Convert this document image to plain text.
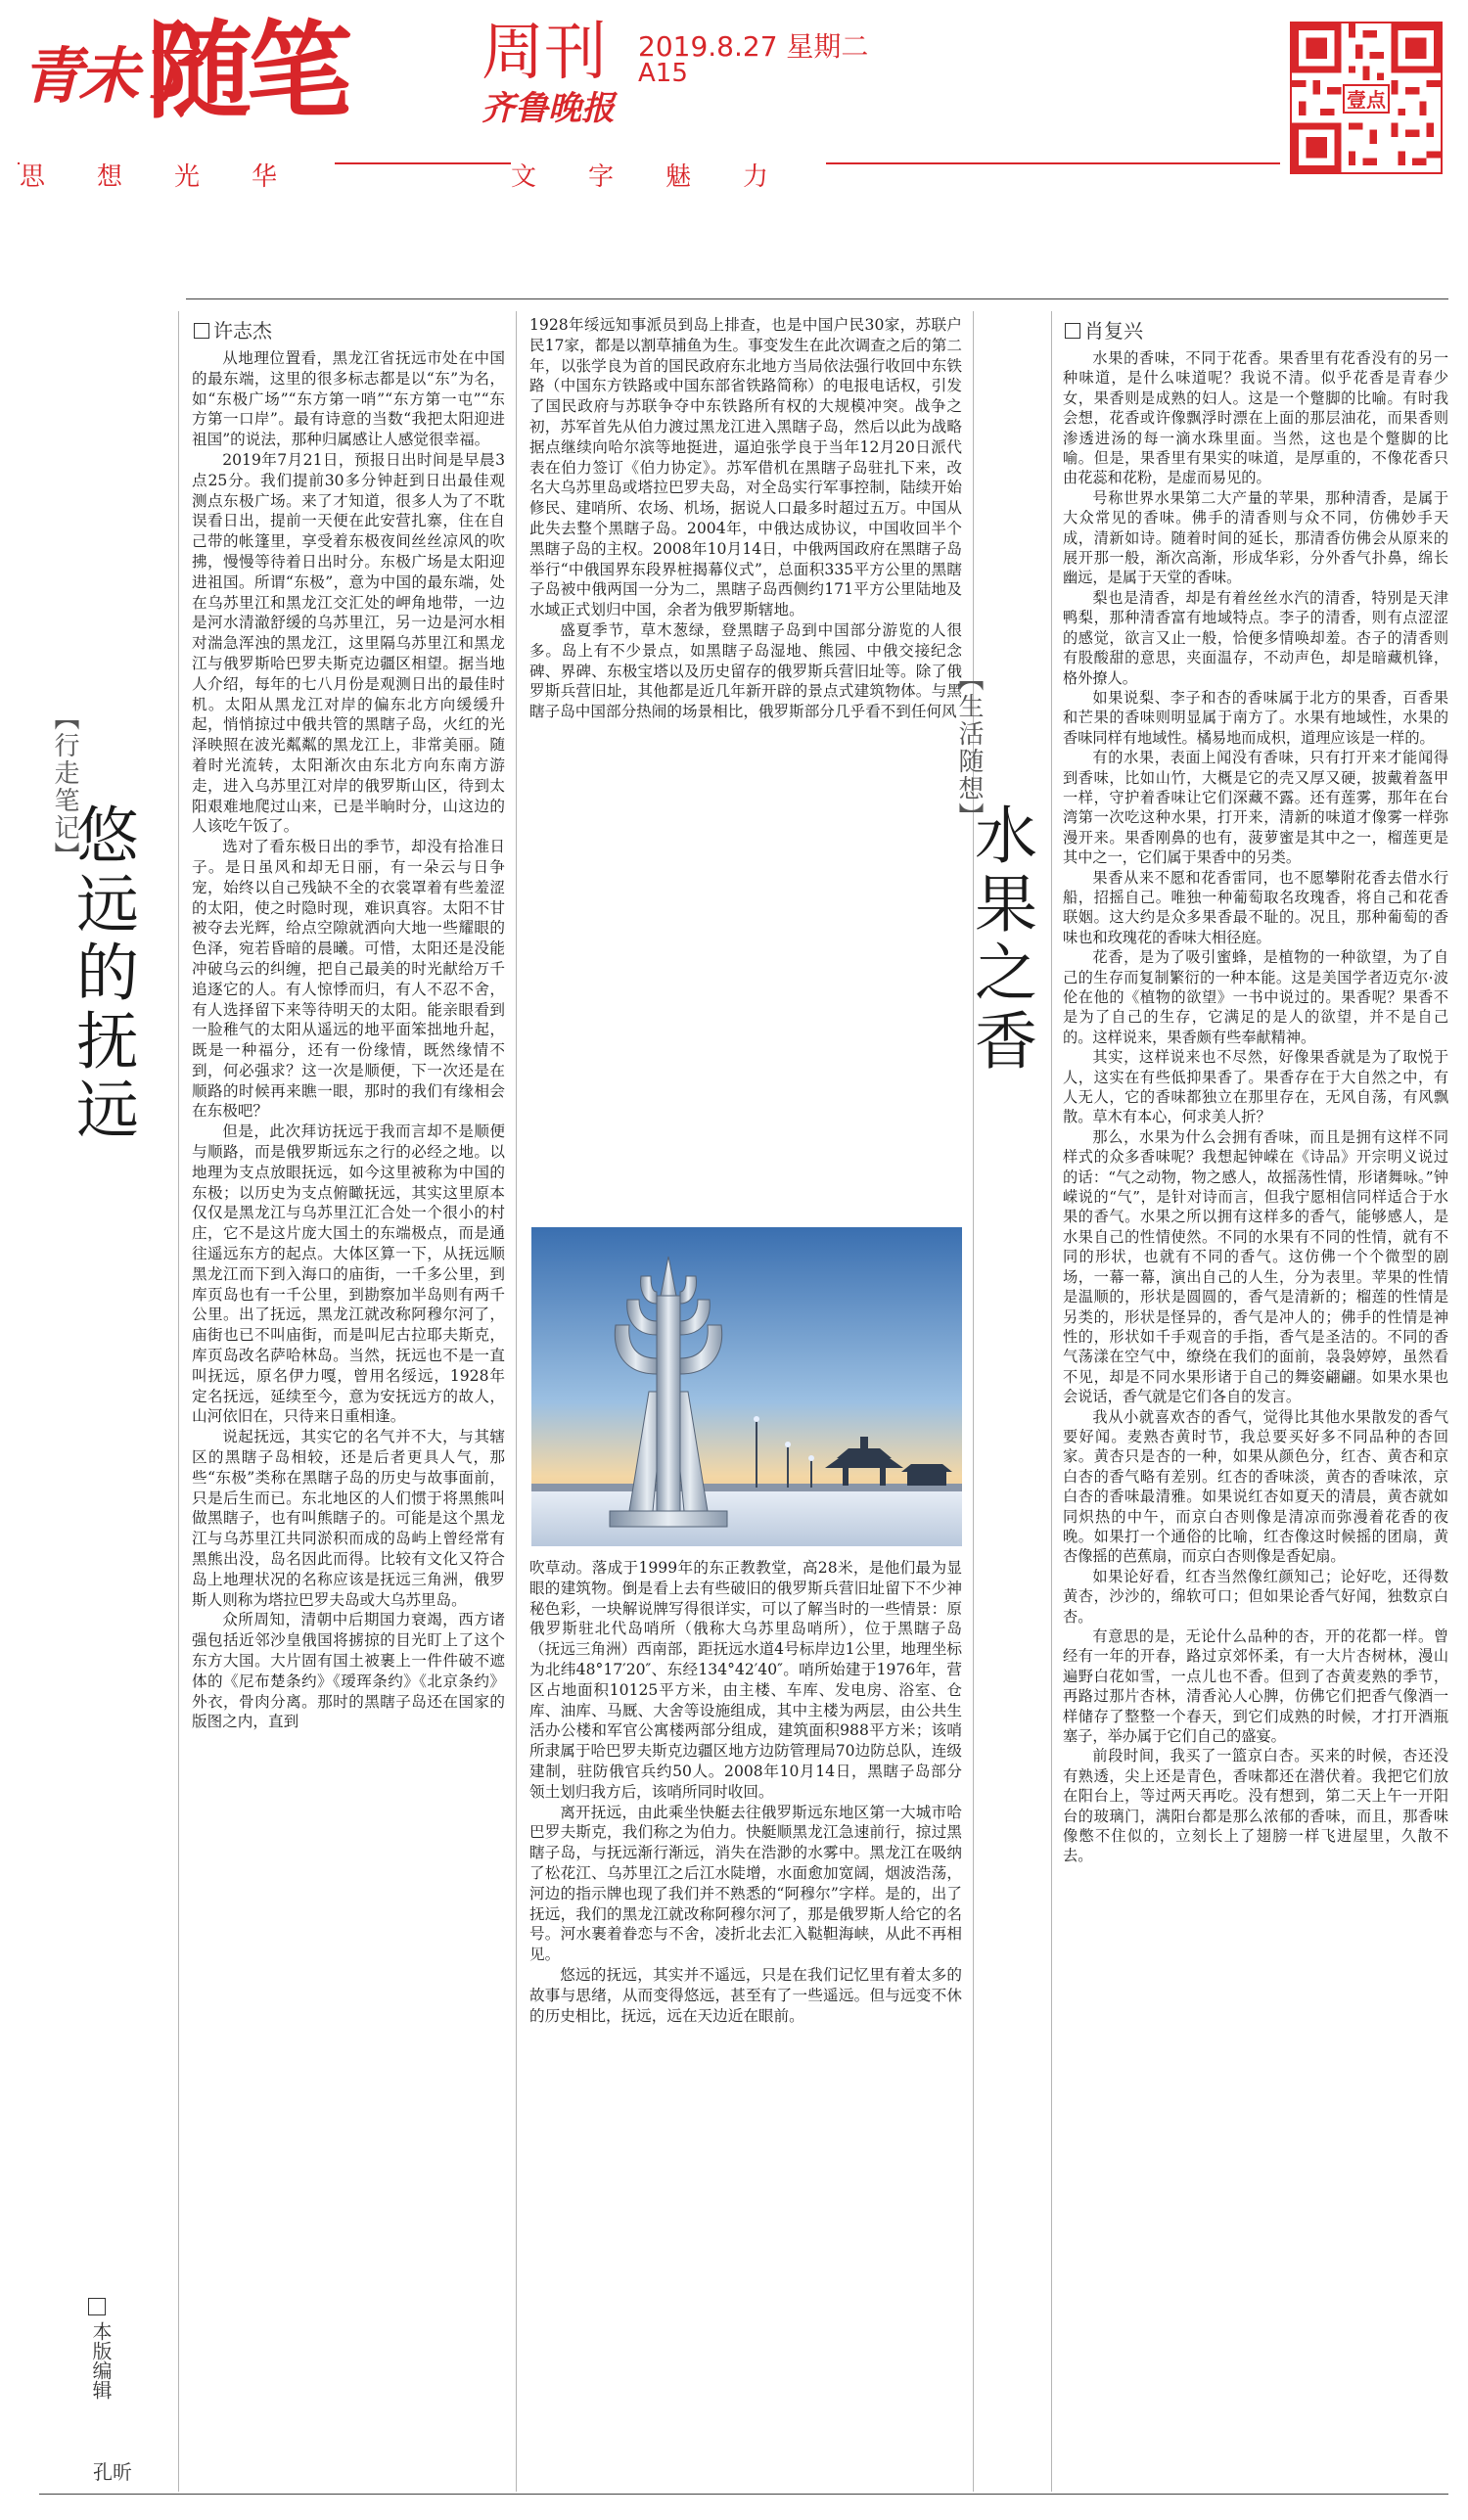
青未了
随笔 周刊
齐鲁晚报
2019.8.27 星期二
A15
壹点
思想光华	文字魅力
【行走笔记】
悠远的抚远
本版编辑
孔昕
许志杰

从地理位置看，黑龙江省抚远市处在中国的最东端，这里的很多标志都是以“东”为名，如“东极广场”“东方第一哨”“东方第一屯”“东方第一口岸”。最有诗意的当数“我把太阳迎进祖国”的说法，那种归属感让人感觉很幸福。

2019年7月21日，预报日出时间是早晨3点25分。我们提前30多分钟赶到日出最佳观测点东极广场。来了才知道，很多人为了不耽误看日出，提前一天便在此安营扎寨，住在自己带的帐篷里，享受着东极夜间丝丝凉风的吹拂，慢慢等待着日出时分。东极广场是太阳迎进祖国。所谓“东极”，意为中国的最东端，处在乌苏里江和黑龙江交汇处的岬角地带，一边是河水清澈舒缓的乌苏里江，另一边是河水相对湍急浑浊的黑龙江，这里隔乌苏里江和黑龙江与俄罗斯哈巴罗夫斯克边疆区相望。据当地人介绍，每年的七八月份是观测日出的最佳时机。太阳从黑龙江对岸的偏东北方向缓缓升起，悄悄掠过中俄共管的黑瞎子岛，火红的光泽映照在波光粼粼的黑龙江上，非常美丽。随着时光流转，太阳渐次由东北方向东南方游走，进入乌苏里江对岸的俄罗斯山区，待到太阳艰难地爬过山来，已是半晌时分，山这边的人该吃午饭了。

选对了看东极日出的季节，却没有拾准日子。是日虽风和却无日丽，有一朵云与日争宠，始终以自己残缺不全的衣裳罩着有些羞涩的太阳，使之时隐时现，难识真容。太阳不甘被夺去光辉，给点空隙就洒向大地一些耀眼的色泽，宛若昏暗的晨曦。可惜，太阳还是没能冲破乌云的纠缠，把自己最美的时光献给万千追逐它的人。有人惊悸而归，有人不忍不舍，有人选择留下来等待明天的太阳。能亲眼看到一脸稚气的太阳从遥远的地平面笨拙地升起，既是一种福分，还有一份缘情，既然缘情不到，何必强求？这一次是顺便，下一次还是在顺路的时候再来瞧一眼，那时的我们有缘相会在东极吧？

但是，此次拜访抚远于我而言却不是顺便与顺路，而是俄罗斯远东之行的必经之地。以地理为支点放眼抚远，如今这里被称为中国的东极；以历史为支点俯瞰抚远，其实这里原本仅仅是黑龙江与乌苏里江汇合处一个很小的村庄，它不是这片庞大国土的东端极点，而是通往遥远东方的起点。大体区算一下，从抚远顺黑龙江而下到入海口的庙街，一千多公里，到库页岛也有一千公里，到勘察加半岛则有两千公里。出了抚远，黑龙江就改称阿穆尔河了，庙街也已不叫庙街，而是叫尼古拉耶夫斯克，库页岛改名萨哈林岛。当然，抚远也不是一直叫抚远，原名伊力嘎，曾用名绥远，1928年定名抚远，延续至今，意为安抚远方的故人，山河依旧在，只待来日重相逢。

说起抚远，其实它的名气并不大，与其辖区的黑瞎子岛相较，还是后者更具人气，那些“东极”类称在黑瞎子岛的历史与故事面前，只是后生而已。东北地区的人们惯于将黑熊叫做黑瞎子，也有叫熊瞎子的。可能是这个黑龙江与乌苏里江共同淤积而成的岛屿上曾经常有黑熊出没，岛名因此而得。比较有文化又符合岛上地理状况的名称应该是抚远三角洲，俄罗斯人则称为塔拉巴罗夫岛或大乌苏里岛。

众所周知，清朝中后期国力衰竭，西方诸强包括近邻沙皇俄国将掳掠的目光盯上了这个东方大国。大片固有国土被裹上一件件破不遮体的《尼布楚条约》《瑷珲条约》《北京条约》外衣，骨肉分离。那时的黑瞎子岛还在国家的版图之内，直到

1928年绥远知事派员到岛上排查，也是中国户民30家，苏联户民17家，都是以割草捕鱼为生。事变发生在此次调查之后的第二年，以张学良为首的国民政府东北地方当局依法强行收回中东铁路（中国东方铁路或中国东部省铁路简称）的电报电话权，引发了国民政府与苏联争夺中东铁路所有权的大规模冲突。战争之初，苏军首先从伯力渡过黑龙江进入黑瞎子岛，然后以此为战略据点继续向哈尔滨等地挺进，逼迫张学良于当年12月20日派代表在伯力签订《伯力协定》。苏军借机在黑瞎子岛驻扎下来，改名大乌苏里岛或塔拉巴罗夫岛，对全岛实行军事控制，陆续开始修民、建哨所、农场、机场，据说人口最多时超过五万。中国从此失去整个黑瞎子岛。2004年，中俄达成协议，中国收回半个黑瞎子岛的主权。2008年10月14日，中俄两国政府在黑瞎子岛举行“中俄国界东段界桩揭幕仪式”，总面积335平方公里的黑瞎子岛被中俄两国一分为二，黑瞎子岛西侧约171平方公里陆地及水域正式划归中国，余者为俄罗斯辖地。

盛夏季节，草木葱绿，登黑瞎子岛到中国部分游览的人很多。岛上有不少景点，如黑瞎子岛湿地、熊园、中俄交接纪念碑、界碑、东极宝塔以及历史留存的俄罗斯兵营旧址等。除了俄罗斯兵营旧址，其他都是近几年新开辟的景点式建筑物体。与黑瞎子岛中国部分热闹的场景相比，俄罗斯部分几乎看不到任何风

吹草动。落成于1999年的东正教教堂，高28米，是他们最为显眼的建筑物。倒是看上去有些破旧的俄罗斯兵营旧址留下不少神秘色彩，一块解说牌写得很详实，可以了解当时的一些情景：原俄罗斯驻北代岛哨所（俄称大乌苏里岛哨所），位于黑瞎子岛（抚远三角洲）西南部，距抚远水道4号标岸边1公里，地理坐标为北纬48°17′20″、东经134°42′40″。哨所始建于1976年，营区占地面积10125平方米，由主楼、车库、发电房、浴室、仓库、油库、马厩、大舍等设施组成，其中主楼为两层，由公共生活办公楼和军官公寓楼两部分组成，建筑面积988平方米；该哨所隶属于哈巴罗夫斯克边疆区地方边防管理局70边防总队，连级建制，驻防俄官兵约50人。2008年10月14日，黑瞎子岛部分领土划归我方后，该哨所同时收回。

离开抚远，由此乘坐快艇去往俄罗斯远东地区第一大城市哈巴罗夫斯克，我们称之为伯力。快艇顺黑龙江急速前行，掠过黑瞎子岛，与抚远渐行渐远，消失在浩渺的水雾中。黑龙江在吸纳了松花江、乌苏里江之后江水陡增，水面愈加宽阔，烟波浩荡，河边的指示牌也现了我们并不熟悉的“阿穆尔”字样。是的，出了抚远，我们的黑龙江就改称阿穆尔河了，那是俄罗斯人给它的名号。河水裹着眷恋与不舍，凌折北去汇入鞑靼海峡，从此不再相见。

悠远的抚远，其实并不遥远，只是在我们记忆里有着太多的故事与思绪，从而变得悠远，甚至有了一些遥远。但与远变不休的历史相比，抚远，远在天边近在眼前。

【生活随想】
水果之香
肖复兴

水果的香味，不同于花香。果香里有花香没有的另一种味道，是什么味道呢？我说不清。似乎花香是青春少女，果香则是成熟的妇人。这是一个蹩脚的比喻。有时我会想，花香或许像飘浮时漂在上面的那层油花，而果香则渗透进汤的每一滴水珠里面。当然，这也是个蹩脚的比喻。但是，果香里有果实的味道，是厚重的，不像花香只由花蕊和花粉，是虚而易见的。

号称世界水果第二大产量的苹果，那种清香，是属于大众常见的香味。佛手的清香则与众不同，仿佛妙手天成，清新如诗。随着时间的延长，那清香仿佛会从原来的展开那一般，渐次高渐，形成华彩，分外香气扑鼻，绵长幽远，是属于天堂的香味。

梨也是清香，却是有着丝丝水汽的清香，特别是天津鸭梨，那种清香富有地域特点。李子的清香，则有点涩涩的感觉，欲言又止一般，恰便多情唤却羞。杏子的清香则有股酸甜的意思，夹面温存，不动声色，却是暗藏机锋，格外撩人。

如果说梨、李子和杏的香味属于北方的果香，百香果和芒果的香味则明显属于南方了。水果有地域性，水果的香味同样有地域性。橘易地而成枳，道理应该是一样的。

有的水果，表面上闻没有香味，只有打开来才能闻得到香味，比如山竹，大概是它的壳又厚又硬，披戴着盔甲一样，守护着香味让它们深藏不露。还有莲雾，那年在台湾第一次吃这种水果，打开来，清新的味道才像雾一样弥漫开来。果香刚鼻的也有，菠萝蜜是其中之一，榴莲更是其中之一，它们属于果香中的另类。

果香从来不愿和花香雷同，也不愿攀附花香去借水行船，招摇自己。唯独一种葡萄取名玫瑰香，将自己和花香联姻。这大约是众多果香最不耻的。况且，那种葡萄的香味也和玫瑰花的香味大相径庭。

花香，是为了吸引蜜蜂，是植物的一种欲望，为了自己的生存而复制繁衍的一种本能。这是美国学者迈克尔·波伦在他的《植物的欲望》一书中说过的。果香呢？果香不是为了自己的生存，它满足的是人的欲望，并不是自己的。这样说来，果香颇有些奉献精神。

其实，这样说来也不尽然，好像果香就是为了取悦于人，这实在有些低抑果香了。果香存在于大自然之中，有人无人，它的香味都独立在那里存在，无风自荡，有风飘散。草木有本心，何求美人折？

那么，水果为什么会拥有香味，而且是拥有这样不同样式的众多香味呢？我想起钟嵘在《诗品》开宗明义说过的话：“气之动物，物之感人，故摇荡性情，形诸舞咏。”钟嵘说的“气”，是针对诗而言，但我宁愿相信同样适合于水果的香气。水果之所以拥有这样多的香气，能够感人，是水果自己的性情使然。不同的水果有不同的性情，就有不同的形状，也就有不同的香气。这仿佛一个个微型的剧场，一幕一幕，演出自己的人生，分为表里。苹果的性情是温顺的，形状是圆圆的，香气是清新的；榴莲的性情是另类的，形状是怪异的，香气是冲人的；佛手的性情是神性的，形状如千手观音的手指，香气是圣洁的。不同的香气荡漾在空气中，缭绕在我们的面前，袅袅婷婷，虽然看不见，却是不同水果形诸于自己的舞姿翩翩。如果水果也会说话，香气就是它们各自的发言。

我从小就喜欢杏的香气，觉得比其他水果散发的香气要好闻。麦熟杏黄时节，我总要买好多不同品种的杏回家。黄杏只是杏的一种，如果从颜色分，红杏、黄杏和京白杏的香气略有差别。红杏的香味淡，黄杏的香味浓，京白杏的香味最清雅。如果说红杏如夏天的清晨，黄杏就如同炽热的中午，而京白杏则像是清凉而弥漫着花香的夜晚。如果打一个通俗的比喻，红杏像这时候摇的团扇，黄杏像摇的芭蕉扇，而京白杏则像是香妃扇。

如果论好看，红杏当然像红颜知己；论好吃，还得数黄杏，沙沙的，绵软可口；但如果论香气好闻，独数京白杏。

有意思的是，无论什么品种的杏，开的花都一样。曾经有一年的开春，路过京郊怀柔，有一大片杏树林，漫山遍野白花如雪，一点儿也不香。但到了杏黄麦熟的季节，再路过那片杏林，清香沁人心脾，仿佛它们把香气像酒一样储存了整整一个春天，到它们成熟的时候，才打开酒瓶塞子，举办属于它们自己的盛宴。

前段时间，我买了一篮京白杏。买来的时候，杏还没有熟透，尖上还是青色，香味都还在潜伏着。我把它们放在阳台上，等过两天再吃。没有想到，第二天上午一开阳台的玻璃门，满阳台都是那么浓郁的香味，而且，那香味像憋不住似的，立刻长上了翅膀一样飞进屋里，久散不去。
